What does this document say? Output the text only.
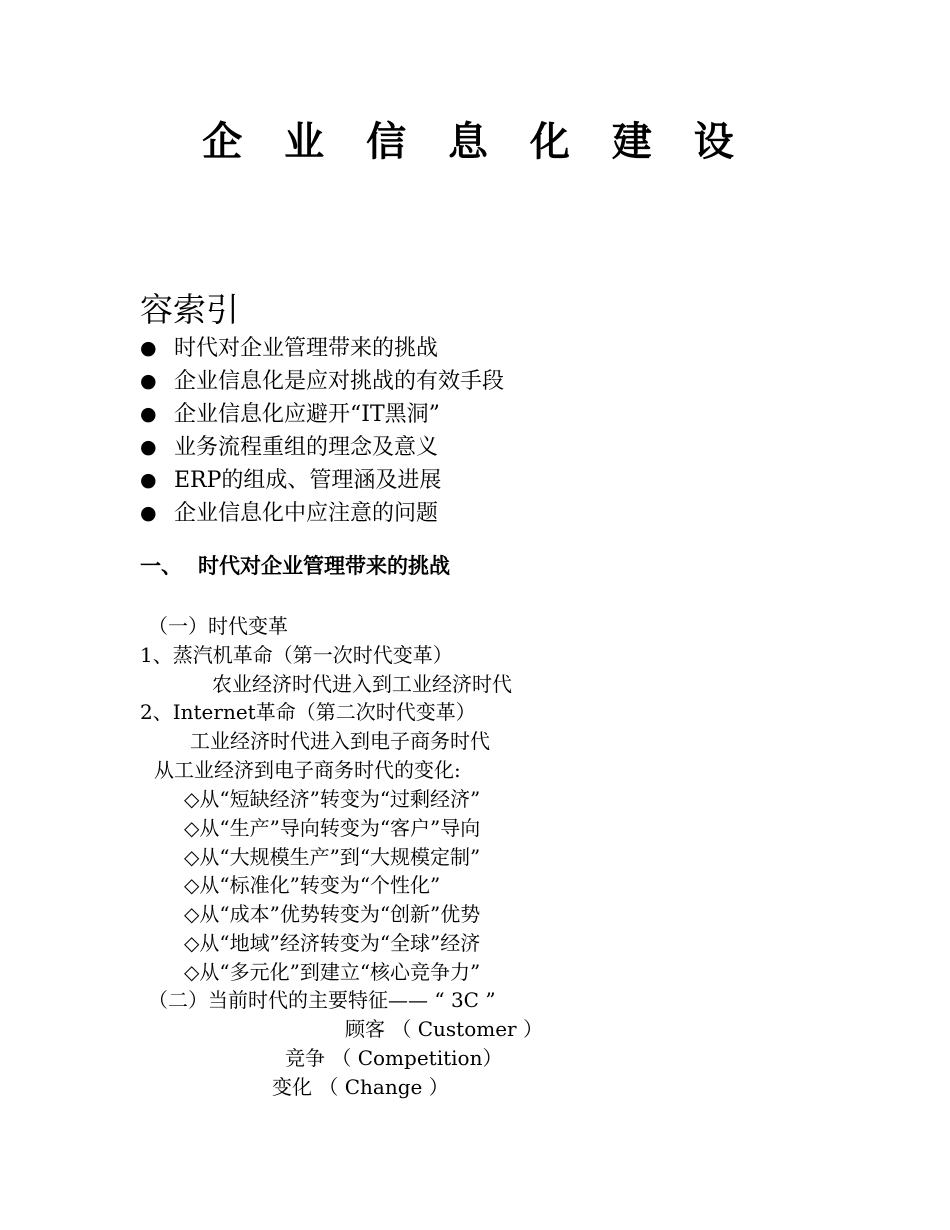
企 业 信 息 化 建 设
容索引
● 时代对企业管理带来的挑战
● 企业信息化是应对挑战的有效手段
● 企业信息化应避开“IT黑洞”
● 业务流程重组的理念及意义
● ERP的组成、管理涵及进展
● 企业信息化中应注意的问题
一、 时代对企业管理带来的挑战
（一）时代变革
1、蒸汽机革命（第一次时代变革）
农业经济时代进入到工业经济时代
2、Internet革命（第二次时代变革）
工业经济时代进入到电子商务时代
从工业经济到电子商务时代的变化:
◇从“短缺经济”转变为“过剩经济”
◇从“生产”导向转变为“客户”导向
◇从“大规模生产”到“大规模定制”
◇从“标准化”转变为“个性化”
◇从“成本”优势转变为“创新”优势
◇从“地域”经济转变为“全球”经济
◇从“多元化”到建立“核心竞争力”
（二）当前时代的主要特征—— “ 3C ”
顾客 （ Customer ）
竞争 （ Competition）
变化 （ Change ）
